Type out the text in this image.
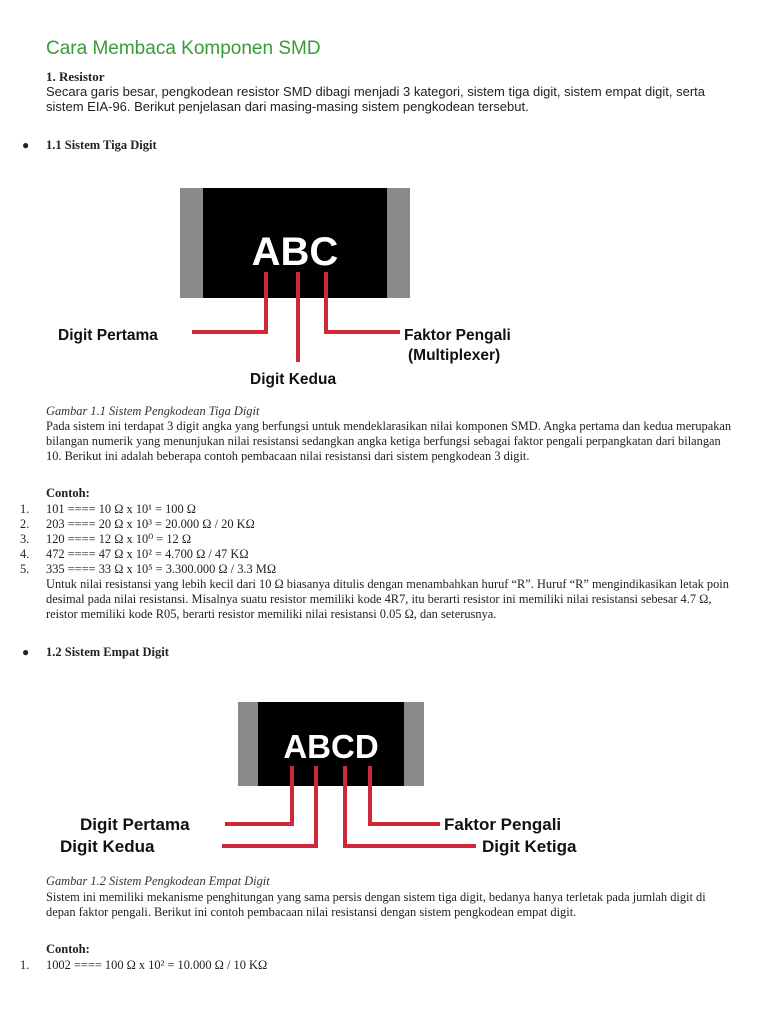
Cara Membaca Komponen SMD
1. Resistor
Secara garis besar, pengkodean resistor SMD dibagi menjadi 3 kategori, sistem tiga digit, sistem empat digit, serta sistem EIA-96. Berikut penjelasan dari masing-masing sistem pengkodean tersebut.
● 1.1 Sistem Tiga Digit
ABC
Digit Pertama
Digit Kedua
Faktor Pengali
(Multiplexer)
Gambar 1.1 Sistem Pengkodean Tiga Digit
Pada sistem ini terdapat 3 digit angka yang berfungsi untuk mendeklarasikan nilai komponen SMD. Angka pertama dan kedua merupakan bilangan numerik yang menunjukan nilai resistansi sedangkan angka ketiga berfungsi sebagai faktor pengali perpangkatan dari bilangan 10. Berikut ini adalah beberapa contoh pembacaan nilai resistansi dari sistem pengkodean 3 digit.
Contoh:
1. 101 ==== 10 Ω x 10¹ = 100 Ω
2. 203 ==== 20 Ω x 10³ = 20.000 Ω / 20 KΩ
3. 120 ==== 12 Ω x 10⁰ = 12 Ω
4. 472 ==== 47 Ω x 10² = 4.700 Ω / 47 KΩ
5. 335 ==== 33 Ω x 10⁵ = 3.300.000 Ω / 3.3 MΩ
Untuk nilai resistansi yang lebih kecil dari 10 Ω biasanya ditulis dengan menambahkan huruf “R”. Huruf “R” mengindikasikan letak poin desimal pada nilai resistansi. Misalnya suatu resistor memiliki kode 4R7, itu berarti resistor ini memiliki nilai resistansi sebesar 4.7 Ω, reistor memiliki kode R05, berarti resistor memiliki nilai resistansi 0.05 Ω, dan seterusnya.
● 1.2 Sistem Empat Digit
ABCD
Digit Pertama
Digit Kedua
Faktor Pengali
Digit Ketiga
Gambar 1.2 Sistem Pengkodean Empat Digit
Sistem ini memiliki mekanisme penghitungan yang sama persis dengan sistem tiga digit, bedanya hanya terletak pada jumlah digit di depan faktor pengali. Berikut ini contoh pembacaan nilai resistansi dengan sistem pengkodean empat digit.
Contoh:
1. 1002 ==== 100 Ω x 10² = 10.000 Ω / 10 KΩ
